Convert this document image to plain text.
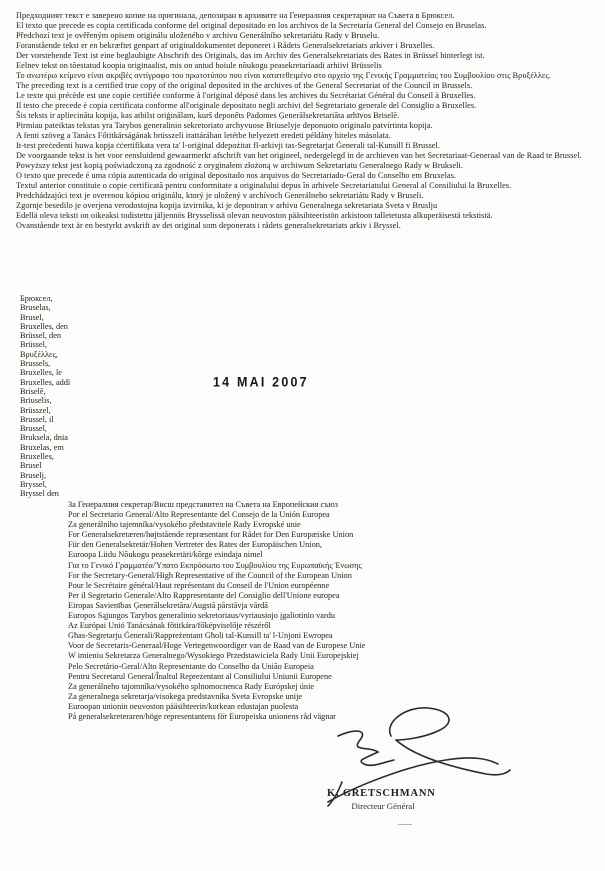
Предходният текст е заверено копие на оригинала, депозиран в архивите на Генералния секретариат на Съвета в Брюксел.
El texto que precede es copia certificada conforme del original depositado en los archivos de la Secretaría General del Consejo en Bruselas.
Předchozí text je ověřeným opisem originálu uloženého v archivu Generálního sekretariátu Rady v Bruselu.
Foranstående tekst er en bekræftet genpart af originaldokumentet deponeret i Rådets Generalsekretariats arkiver i Bruxelles.
Der vorstehende Text ist eine beglaubigte Abschrift des Originals, das im Archiv des Generalsekretariats des Rates in Brüssel hinterlegt ist.
Eelnev tekst on tõestatud koopia originaalist, mis on antud hoiule nõukogu peasekretariaadi arhiivi Brüsselis
Το ανωτέρω κείμενο είναι ακριβές αντίγραφο του πρωτοτύπου που είναι κατατεθειμένο στο αρχείο της Γενικής Γραμματείας του Συμβουλίου στις Βρυξέλλες.
The preceding text is a certified true copy of the original deposited in the archives of the General Secretariat of the Council in Brussels.
Le texte qui précède est une copie certifiée conforme à l'original déposé dans les archives du Secrétariat Général du Conseil à Bruxelles.
Il testo che precede è copia certificata conforme all'originale depositato negli archivi del Segretariato generale del Consiglio a Bruxelles.
Šis teksts ir apliecināta kopija, kas atbilst oriģinālam, kurš deponēts Padomes Ģenerālsekretariāta arhīvos Briselē.
Pirmiau pateiktas tekstas yra Tarybos generalinio sekretoriato archyvuose Briuselyje deponuoto originalo patvirtinta kopija.
A fenti szöveg a Tanács Főtitkárságának brüsszeli irattárában letétbe helyezett eredeti példány hiteles másolata.
It-test preċedenti huwa kopja ċċertifikata vera ta' l-oriġinal ddepożitat fl-arkivji tas-Segretarjat Ġenerali tal-Kunsill fi Brussel.
De voorgaande tekst is het voor eensluidend gewaarmerkt afschrift van het origineel, nedergelegd in de archieven van het Secretariaat-Generaal van de Raad te Brussel.
Powyższy tekst jest kopią poświadczoną za zgodność z oryginałem złożoną w archiwum Sekretariatu Generalnego Rady w Brukseli.
O texto que precede é uma cópia autenticada do original depositado nos arquivos do Secretariado-Geral do Conselho em Bruxelas.
Textul anterior constituie o copie certificată pentru conformitate a originalului depus în arhivele Secretariatului General al Consiliului la Bruxelles.
Predchádzajúci text je overenou kópiou originálu, ktorý je uložený v archívoch Generálneho sekretariátu Rady v Bruseli.
Zgornje besedilo je overjena verodostojna kopija izvirnika, ki je deponiran v arhivu Generalnega sekretariata Sveta v Bruslju
Edellä oleva teksti on oikeaksi todistettu jäljennös Brysselissä olevan neuvoston pääsihteeristön arkistoon talletetusta alkuperäisestä tekstistä.
Ovanstående text är en bestyrkt avskrift av det original som deponerats i rådets generalsekretariats arkiv i Bryssel.
Брюксел,
Bruselas,
Brusel,
Bruxelles, den
Brüssel, den
Brüssel,
Βρυξέλλες,
Brussels,
Bruxelles, le
Bruxelles, addì
Briselē,
Briuselis,
Brüsszel,
Brussel, il
Brussel,
Bruksela, dnia
Bruxelas, em
Bruxelles,
Brusel
Bruselj,
Bryssel,
Bryssel den
14 MAI 2007
За Генералния секретар/Висш представител на Съвета на Европейския съюз
Por el Secretario General/Alto Representante del Consejo de la Unión Europea
Za generálního tajemníka/vysokého představitele Rady Evropské unie
For Generalsekretæren/højtstående repræsentant for Rådet for Den Europæiske Union
Für den Generalsekretär/Hohen Vertreter des Rates der Europäischen Union,
Euroopa Liidu Nõukogu peasekretäri/kõrge esindaja nimel
Για το Γενικό Γραμματέα/Ύπατο Εκπρόσωπο του Συμβουλίου της Ευρωπαϊκής Ένωσης
For the Secretary-General/High Representative of the Council of the European Union
Pour le Secrétaire général/Haut représentant du Conseil de l'Union européenne
Per il Segretario Generale/Alto Rappresentante del Consiglio dell'Unione europea
Eiropas Savienības Ģenerālsekretāra/Augstā pārstāvja vārdā
Europos Sąjungos Tarybos generalinio sekretoriaus/vyriausiojo įgaliotinio vardu
Az Európai Unió Tanácsának főtitkára/főképviselője részéről
Għas-Segretarju Ġenerali/Rappreżentant Għoli tal-Kunsill ta' l-Unjoni Ewropea
Voor de Secretaris-Generaal/Hoge Vertegenwoordiger van de Raad van de Europese Unie
W imieniu Sekretarza Generalnego/Wysokiego Przedstawiciela Rady Unii Europejskiej
Pelo Secretário-Geral/Alto Representante do Conselho da União Europeia
Pentru Secretarul General/Înaltul Reprezentant al Consiliului Uniunii Europene
Za generálneho tajomníka/vysokého splnomocnenca Rady Európskej únie
Za generalnega sekretarja/visokega predstavnika Sveta Evropske unije
Euroopan unionin neuvoston pääsihteerin/korkean edustajan puolesta
På generalsekreteraren/höge representantens för Europeiska unionens råd vägnar
K. GRETSCHMANN
Directeur Général
